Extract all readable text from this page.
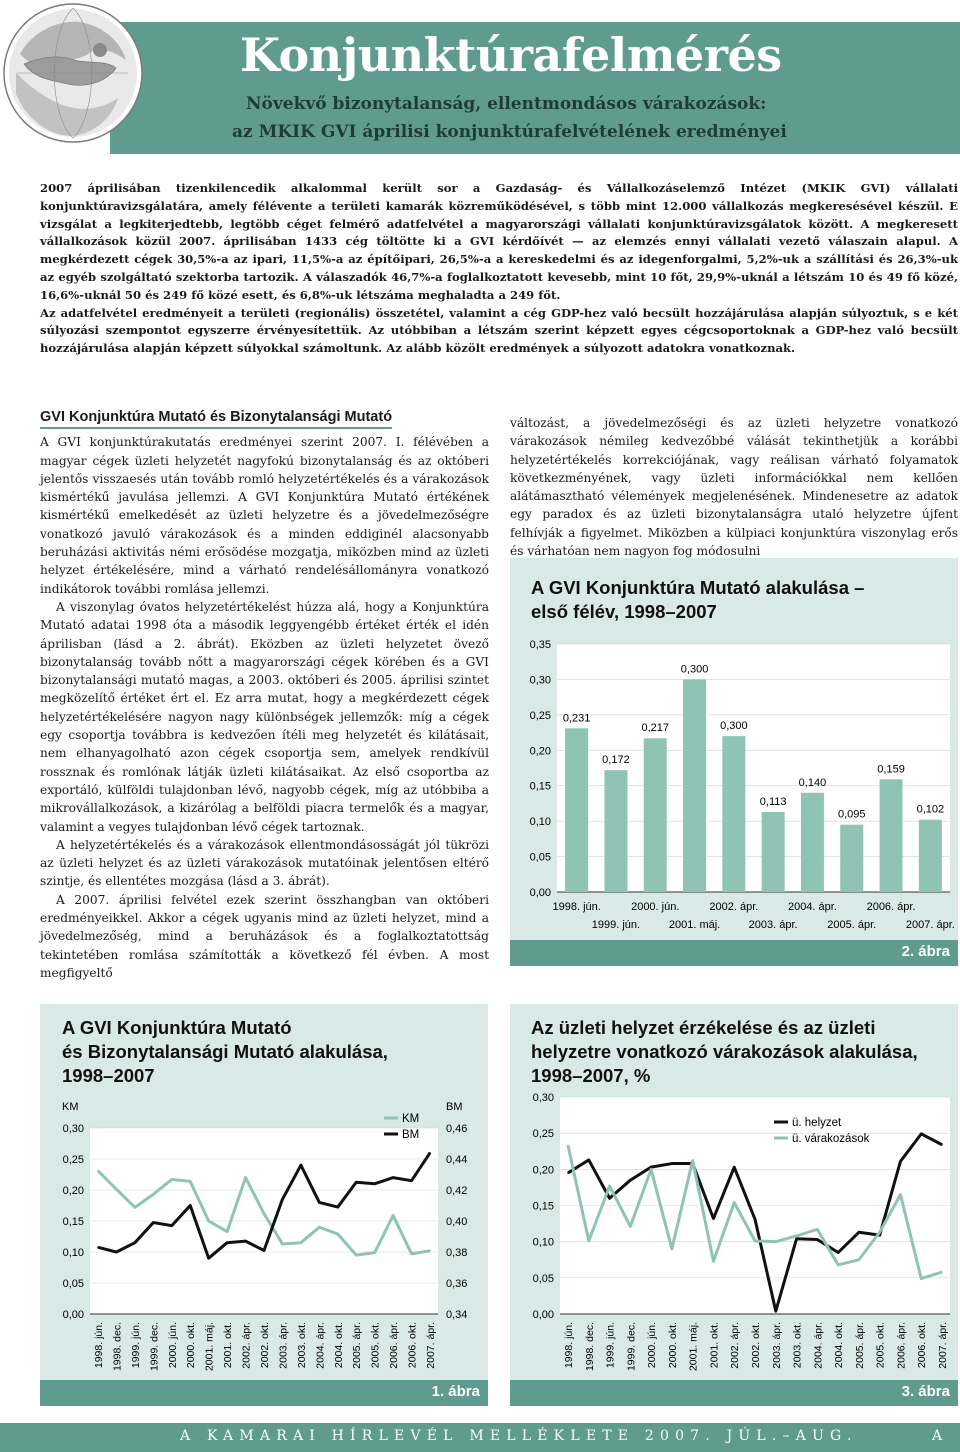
Konjunktúrafelmérés
Növekvő bizonytalanság, ellentmondásos várakozások:
az MKIK GVI áprilisi konjunktúrafelvételének eredményei

2007 áprilisában tizenkilencedik alkalommal került sor a Gazdaság- és Vállalkozáselemző Intézet (MKIK GVI) vállalati konjunktúravizsgálatára, amely félévente a területi kamarák közreműködésével, s több mint 12.000 vállalkozás megkeresésével készül. E vizsgálat a legkiterjedtebb, legtöbb céget felmérő adatfelvétel a magyarországi vállalati konjunktúravizsgálatok között. A megkeresett vállalkozások közül 2007. áprilisában 1433 cég töltötte ki a GVI kérdőívét — az elemzés ennyi vállalati vezető válaszain alapul. A megkérdezett cégek 30,5%-a az ipari, 11,5%-a az építőipari, 26,5%-a a kereskedelmi és az idegenforgalmi, 5,2%-uk a szállítási és 26,3%-uk az egyéb szolgáltató szektorba tartozik. A válaszadók 46,7%-a foglalkoztatott kevesebb, mint 10 főt, 29,9%-uknál a létszám 10 és 49 fő közé, 16,6%-uknál 50 és 249 fő közé esett, és 6,8%-uk létszáma meghaladta a 249 főt.

Az adatfelvétel eredményeit a területi (regionális) összetétel, valamint a cég GDP-hez való becsült hozzájárulása alapján súlyoztuk, s e két súlyozási szempontot egyszerre érvényesítettük. Az utóbbiban a létszám szerint képzett egyes cégcsoportoknak a GDP-hez való becsült hozzájárulása alapján képzett súlyokkal számoltunk. Az alább közölt eredmények a súlyozott adatokra vonatkoznak.

GVI Konjunktúra Mutató és Bizonytalansági Mutató

A GVI konjunktúrakutatás eredményei szerint 2007. I. félévében a magyar cégek üzleti helyzetét nagyfokú bizonytalanság és az októberi jelentős visszaesés után tovább romló helyzetértékelés és a várakozások kismértékű javulása jellemzi. A GVI Konjunktúra Mutató értékének kismértékű emelkedését az üzleti helyzetre és a jövedelmezőségre vonatkozó javuló várakozások és a minden eddiginél alacsonyabb beruházási aktivitás némi erősödése mozgatja, miközben mind az üzleti helyzet értékelésére, mind a várható rendelésállományra vonatkozó indikátorok további romlása jellemzi.

A viszonylag óvatos helyzetértékelést húzza alá, hogy a Konjunktúra Mutató adatai 1998 óta a második leggyengébb értéket érték el idén áprilisban (lásd a 2. ábrát). Eközben az üzleti helyzetet övező bizonytalanság tovább nőtt a magyarországi cégek körében és a GVI bizonytalansági mutató magas, a 2003. októberi és 2005. áprilisi szintet megközelítő értéket ért el. Ez arra mutat, hogy a megkérdezett cégek helyzetértékelésére nagyon nagy különbségek jellemzők: míg a cégek egy csoportja továbbra is kedvezően ítéli meg helyzetét és kilátásait, nem elhanyagolható azon cégek csoportja sem, amelyek rendkívül rossznak és romlónak látják üzleti kilátásaikat. Az első csoportba az exportáló, külföldi tulajdonban lévő, nagyobb cégek, míg az utóbbiba a mikrovállalkozások, a kizárólag a belföldi piacra termelők és a magyar, valamint a vegyes tulajdonban lévő cégek tartoznak.

A helyzetértékelés és a várakozások ellentmondásosságát jól tükrözi az üzleti helyzet és az üzleti várakozások mutatóinak jelentősen eltérő szintje, és ellentétes mozgása (lásd a 3. ábrát).

A 2007. áprilisi felvétel ezek szerint összhangban van októberi eredményeikkel. Akkor a cégek ugyanis mind az üzleti helyzet, mind a jövedelmezőség, mind a beruházások és a foglalkoztatottság tekintetében romlása számították a következő fél évben. A most megfigyeltő

változást, a jövedelmezőségi és az üzleti helyzetre vonatkozó várakozások némileg kedvezőbbé válását tekinthetjük a korábbi helyzetértékelés korrekciójának, vagy reálisan várható folyamatok következményének, vagy üzleti információkkal nem kellően alátámasztható vélemények megjelenésének. Mindenesetre az adatok egy paradox és az üzleti bizonytalanságra utaló helyzetre újfent felhívják a figyelmet. Miközben a külpiaci konjunktúra viszonylag erős és várhatóan nem nagyon fog módosulni

A GVI Konjunktúra Mutató alakulása –
első félév, 1998–2007
0,00
0,05
0,10
0,15
0,20
0,25
0,30
0,35
0,231
1998. jún.
0,172
1999. jún.
0,217
2000. jún.
0,300
2001. máj.
0,300
2002. ápr.
0,113
2003. ápr.
0,140
2004. ápr.
0,095
2005. ápr.
0,159
2006. ápr.
0,102
2007. ápr.
2. ábra
A GVI Konjunktúra Mutató
és Bizonytalansági Mutató alakulása,
1998–2007
0,00
0,05
0,10
0,15
0,20
0,25
0,30
0,34
0,36
0,38
0,40
0,42
0,44
0,46
KM	BM
1998. jún. 1998. dec. 1999. jún. 1999. dec. 2000. jún. 2000. okt. 2001. máj. 2001. okt. 2002. ápr. 2002. okt. 2003. ápr. 2003. okt. 2004. ápr. 2004. okt. 2005. ápr. 2005. okt. 2006. ápr. 2006. okt. 2007. ápr.
KM
BM
1. ábra
Az üzleti helyzet érzékelése és az üzleti
helyzetre vonatkozó várakozások alakulása,
1998–2007, %
0,00
0,05
0,10
0,15
0,20
0,25
0,30
1998. jún. 1998. dec. 1999. jún. 1999. dec. 2000. jún. 2000. okt. 2001. máj. 2001. okt. 2002. ápr. 2002. okt. 2003. ápr. 2003. okt. 2004. ápr. 2004. okt. 2005. ápr. 2005. okt. 2006. ápr. 2006. okt. 2007. ápr.
ü. helyzet
ü. várakozások
3. ábra
A KAMARAI HÍRLEVÉL MELLÉKLETE 2007. JÚL.–AUG.	A
